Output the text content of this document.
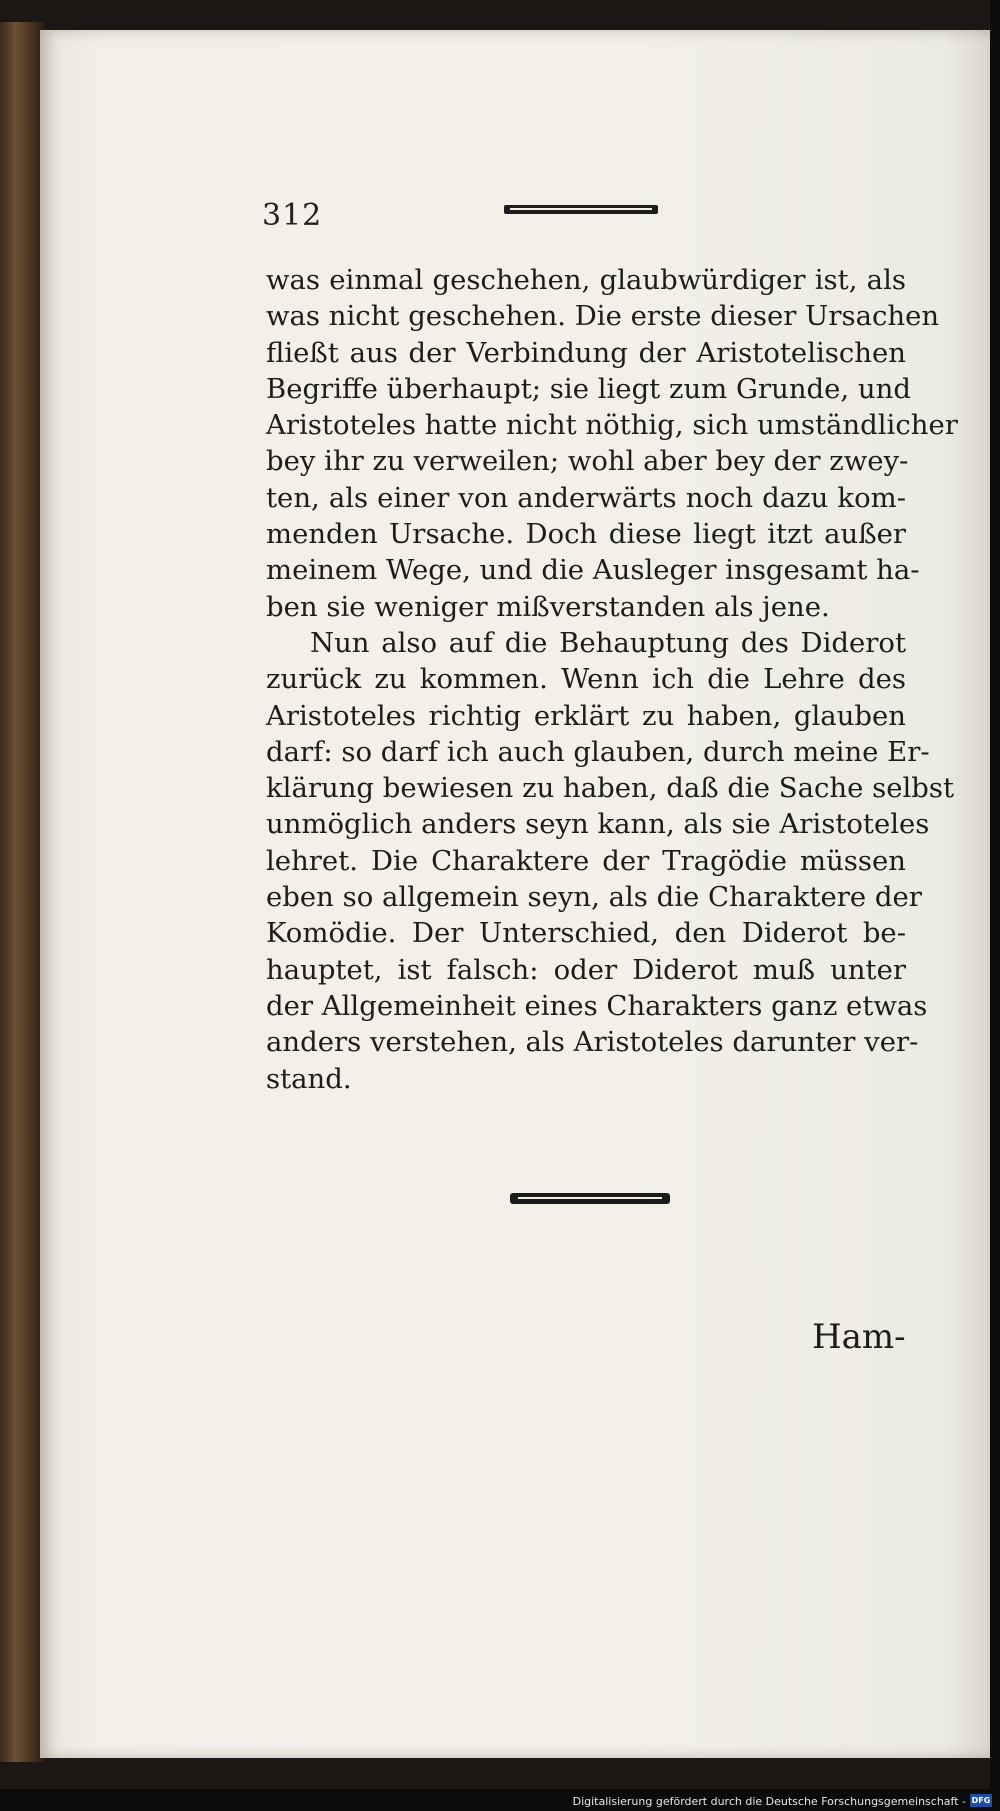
312

was einmal geschehen, glaubwürdiger ist, als
was nicht geschehen. Die erste dieser Ursachen
fließt aus der Verbindung der Aristotelischen
Begriffe überhaupt; sie liegt zum Grunde, und
Aristoteles hatte nicht nöthig, sich umständlicher
bey ihr zu verweilen; wohl aber bey der zwey-
ten, als einer von anderwärts noch dazu kom-
menden Ursache. Doch diese liegt itzt außer
meinem Wege, und die Ausleger insgesamt ha-
ben sie weniger mißverstanden als jene.

Nun also auf die Behauptung des Diderot
zurück zu kommen. Wenn ich die Lehre des
Aristoteles richtig erklärt zu haben, glauben
darf: so darf ich auch glauben, durch meine Er-
klärung bewiesen zu haben, daß die Sache selbst
unmöglich anders seyn kann, als sie Aristoteles
lehret. Die Charaktere der Tragödie müssen
eben so allgemein seyn, als die Charaktere der
Komödie. Der Unterschied, den Diderot be-
hauptet, ist falsch: oder Diderot muß unter
der Allgemeinheit eines Charakters ganz etwas
anders verstehen, als Aristoteles darunter ver-
stand.

Ham-
Digitalisierung gefördert durch die Deutsche Forschungsgemeinschaft - DFG
